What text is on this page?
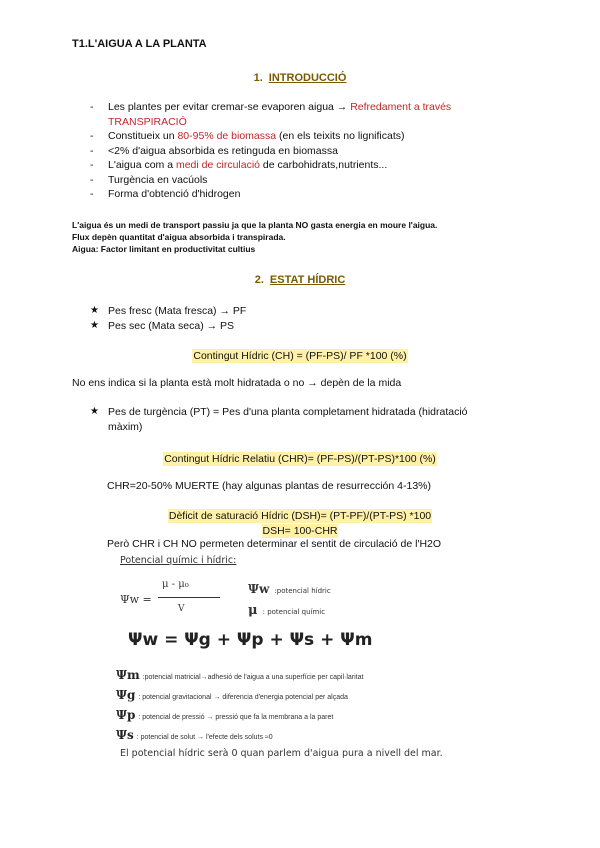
T1.L'AIGUA A LA PLANTA
1. INTRODUCCIÓ
- Les plantes per evitar cremar-se evaporen aigua → Refredament a través
TRANSPIRACIÓ
- Constitueix un 80-95% de biomassa (en els teixits no lignificats)
- <2% d'aigua absorbida es retinguda en biomassa
- L'aigua com a medi de circulació de carbohidrats,nutrients...
- Turgència en vacúols
- Forma d'obtenció d'hidrogen
L'aigua és un medi de transport passiu ja que la planta NO gasta energia en moure l'aigua.
Flux depèn quantitat d'aigua absorbida i transpirada.
Aigua: Factor limitant en productivitat cultius
2. ESTAT HÍDRIC
★ Pes fresc (Mata fresca) → PF
★ Pes sec (Mata seca) → PS
Contingut Hídric (CH) = (PF-PS)/ PF *100 (%)
No ens indica si la planta està molt hidratada o no → depèn de la mida
★ Pes de turgència (PT) = Pes d'una planta completament hidratada (hidratació
màxim)
Contingut Hídric Relatiu (CHR)= (PF-PS)/(PT-PS)*100 (%)
CHR=20-50% MUERTE (hay algunas plantas de resurrección 4-13%)
Dèficit de saturació Hídric (DSH)= (PT-PF)/(PT-PS) *100
DSH= 100-CHR
Però CHR i CH NO permeten determinar el sentit de circulació de l'H2O
Potencial químic i hídric:
Ψw =
μ - μ₀
V
Ψw :potencial hídric
μ : potencial químic
Ψw = Ψg + Ψp + Ψs + Ψm
Ψm :potencial matricial→adhesió de l'aigua a una superfície per capil·laritat
Ψg : potencial gravitacional → diferencia d'energia potencial per alçada
Ψp : potencial de pressió → pressió que fa la membrana a la paret
Ψs : potencial de solut → l'efecte dels soluts ≈0
El potencial hídric serà 0 quan parlem d'aigua pura a nivell del mar.
